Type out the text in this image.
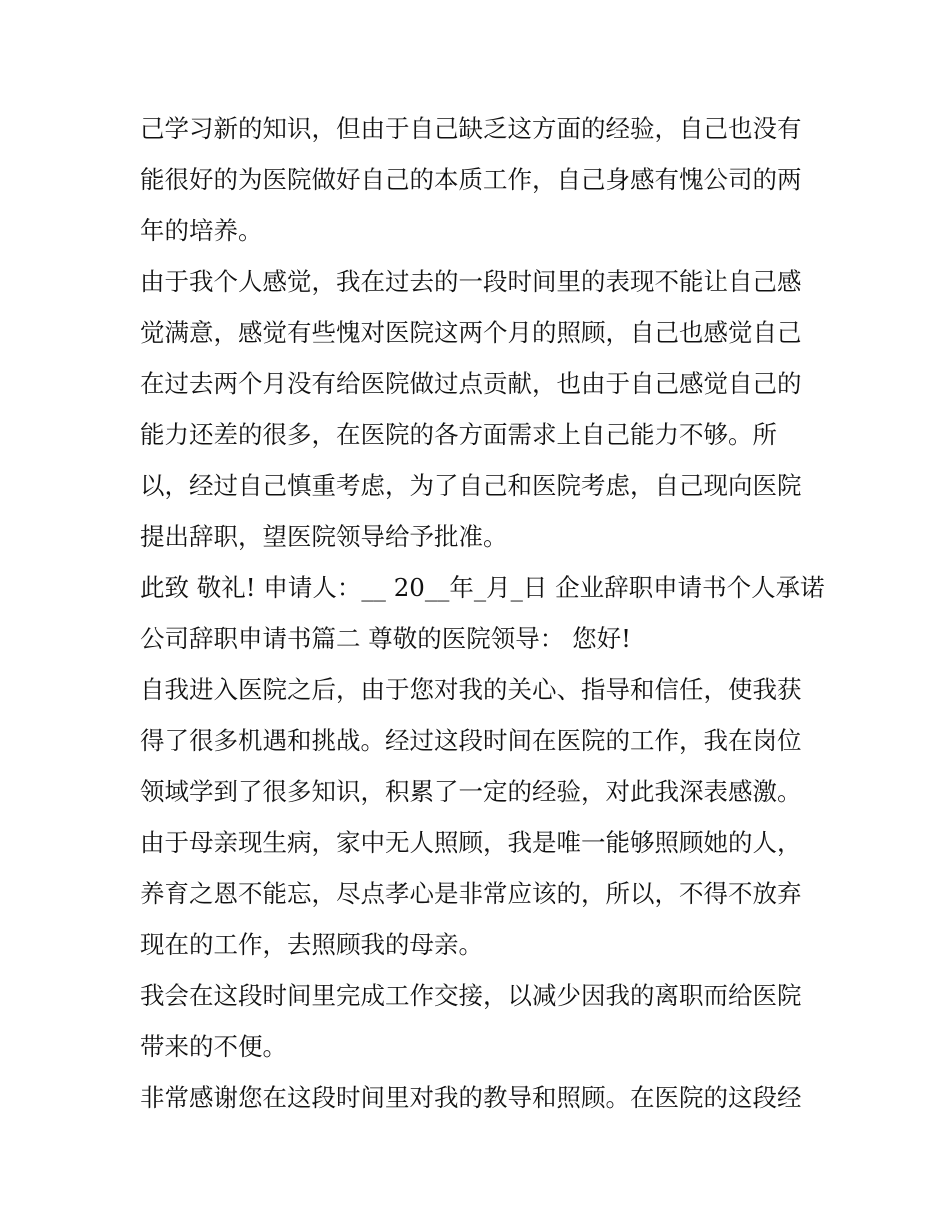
己学习新的知识，但由于自己缺乏这方面的经验，自己也没有
能很好的为医院做好自己的本质工作，自己身感有愧公司的两
年的培养。
由于我个人感觉，我在过去的一段时间里的表现不能让自己感
觉满意，感觉有些愧对医院这两个月的照顾，自己也感觉自己
在过去两个月没有给医院做过点贡献，也由于自己感觉自己的
能力还差的很多，在医院的各方面需求上自己能力不够。所
以，经过自己慎重考虑，为了自己和医院考虑，自己现向医院
提出辞职，望医院领导给予批准。
此致 敬礼! 申请人：__ 20__年_月_日 企业辞职申请书个人承诺
公司辞职申请书篇二 尊敬的医院领导： 您好!
自我进入医院之后，由于您对我的关心、指导和信任，使我获
得了很多机遇和挑战。经过这段时间在医院的工作，我在岗位
领域学到了很多知识，积累了一定的经验，对此我深表感激。
由于母亲现生病，家中无人照顾，我是唯一能够照顾她的人，
养育之恩不能忘，尽点孝心是非常应该的，所以，不得不放弃
现在的工作，去照顾我的母亲。
我会在这段时间里完成工作交接，以减少因我的离职而给医院
带来的不便。
非常感谢您在这段时间里对我的教导和照顾。在医院的这段经
